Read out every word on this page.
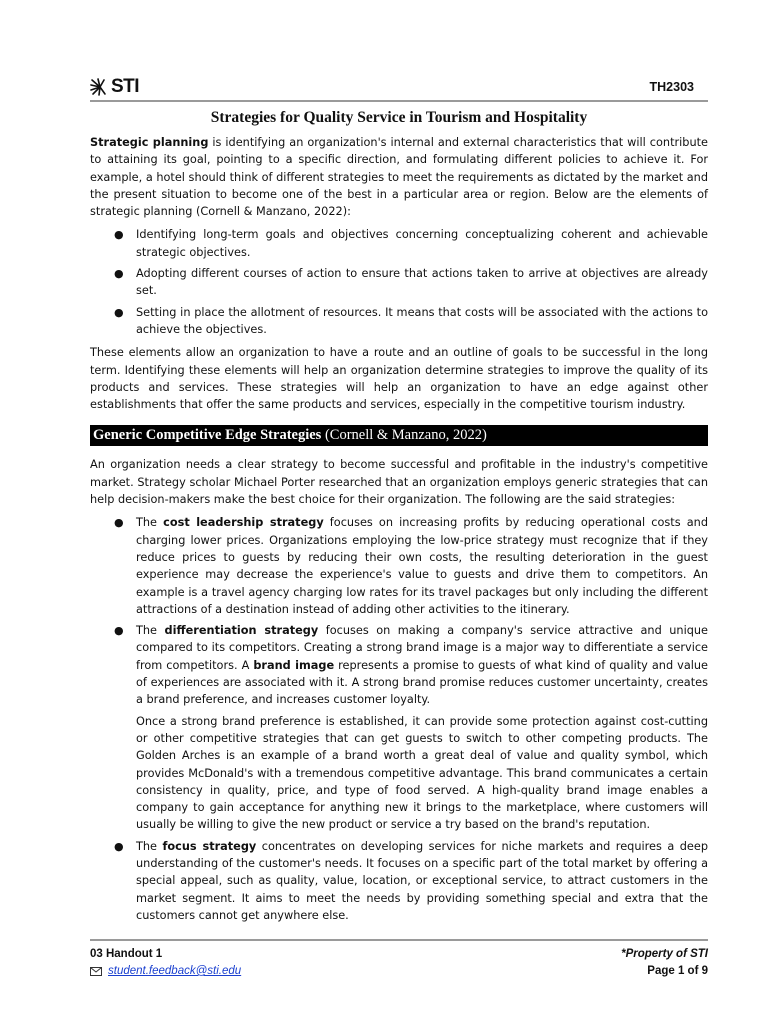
STI	TH2303
Strategies for Quality Service in Tourism and Hospitality

Strategic planning is identifying an organization's internal and external characteristics that will contribute to attaining its goal, pointing to a specific direction, and formulating different policies to achieve it. For example, a hotel should think of different strategies to meet the requirements as dictated by the market and the present situation to become one of the best in a particular area or region. Below are the elements of strategic planning (Cornell & Manzano, 2022):

● Identifying long-term goals and objectives concerning conceptualizing coherent and achievable strategic objectives.
● Adopting different courses of action to ensure that actions taken to arrive at objectives are already set.
● Setting in place the allotment of resources. It means that costs will be associated with the actions to achieve the objectives.

These elements allow an organization to have a route and an outline of goals to be successful in the long term. Identifying these elements will help an organization determine strategies to improve the quality of its products and services. These strategies will help an organization to have an edge against other establishments that offer the same products and services, especially in the competitive tourism industry.

Generic Competitive Edge Strategies (Cornell & Manzano, 2022)

An organization needs a clear strategy to become successful and profitable in the industry's competitive market. Strategy scholar Michael Porter researched that an organization employs generic strategies that can help decision-makers make the best choice for their organization. The following are the said strategies:

● The cost leadership strategy focuses on increasing profits by reducing operational costs and charging lower prices. Organizations employing the low-price strategy must recognize that if they reduce prices to guests by reducing their own costs, the resulting deterioration in the guest experience may decrease the experience's value to guests and drive them to competitors. An example is a travel agency charging low rates for its travel packages but only including the different attractions of a destination instead of adding other activities to the itinerary.

● The differentiation strategy focuses on making a company's service attractive and unique compared to its competitors. Creating a strong brand image is a major way to differentiate a service from competitors. A brand image represents a promise to guests of what kind of quality and value of experiences are associated with it. A strong brand promise reduces customer uncertainty, creates a brand preference, and increases customer loyalty.

Once a strong brand preference is established, it can provide some protection against cost-cutting or other competitive strategies that can get guests to switch to other competing products. The Golden Arches is an example of a brand worth a great deal of value and quality symbol, which provides McDonald's with a tremendous competitive advantage. This brand communicates a certain consistency in quality, price, and type of food served. A high-quality brand image enables a company to gain acceptance for anything new it brings to the marketplace, where customers will usually be willing to give the new product or service a try based on the brand's reputation.

● The focus strategy concentrates on developing services for niche markets and requires a deep understanding of the customer's needs. It focuses on a specific part of the total market by offering a special appeal, such as quality, value, location, or exceptional service, to attract customers in the market segment. It aims to meet the needs by providing something special and extra that the customers cannot get anywhere else.

03 Handout 1
student.feedback@sti.edu
*Property of STI
Page 1 of 9
